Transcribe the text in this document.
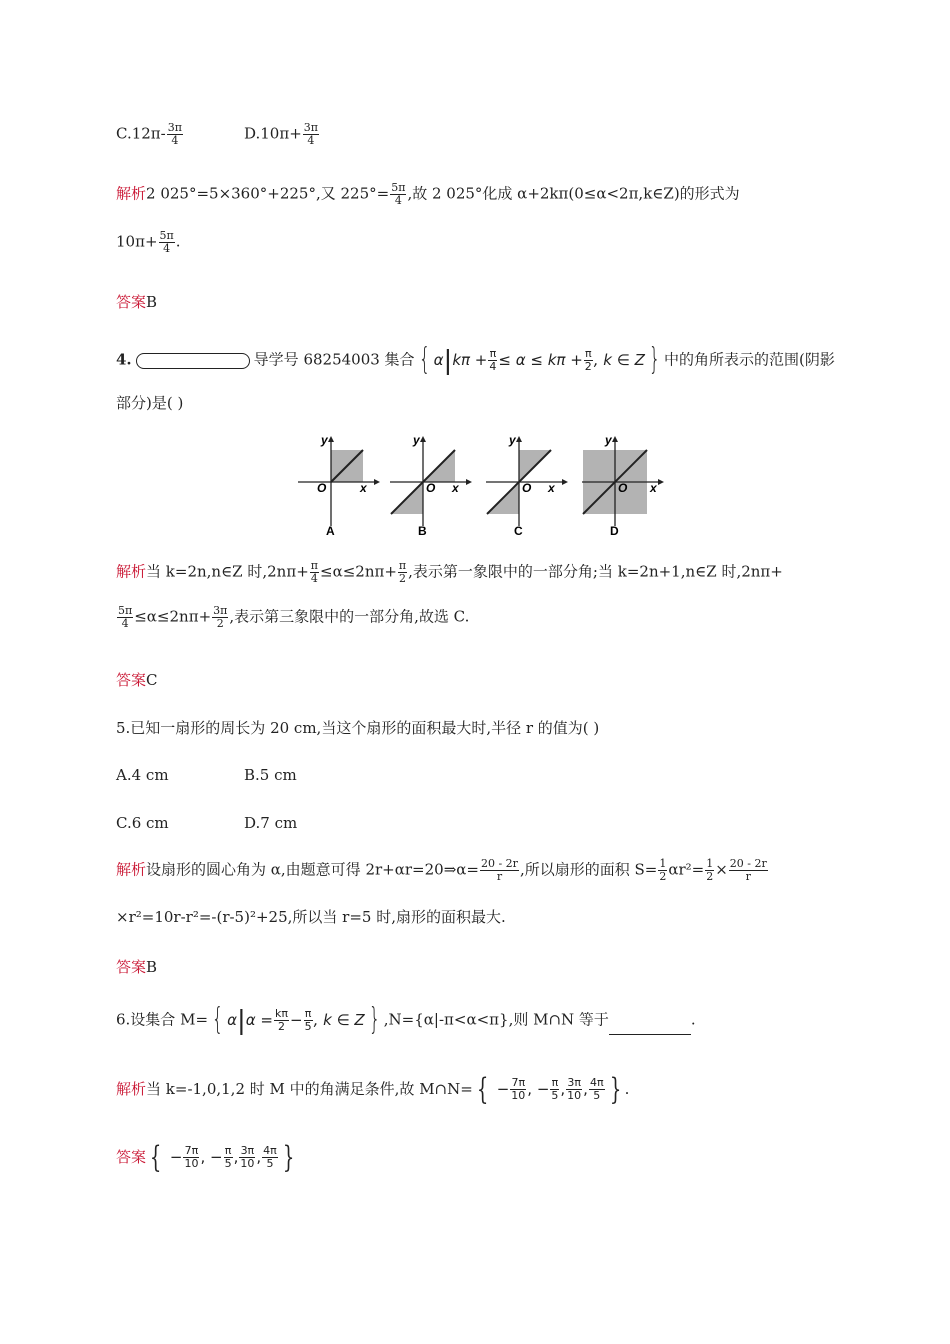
$C.12\pi- \frac{3\pi}{4}$	$D.10\pi+ \frac{3\pi}{4}$
解析2 025°=5×360°+225°,又 $225^\circ= \frac{5\pi}{4}$ ,故 2 025°化成 α+2kπ(0≤α<2π,k∈Z)的形式为
$10\pi+ \frac{5\pi}{4}$ .
答案B
4.	导学号 68254003 集合 { $\alpha|k\pi + \frac{\pi}{4} \le \alpha \le k\pi + \frac{\pi}{2}$ , k ∈ Z } 中的角所表示的范围(阴影
部分)是( )
x
y
O
A
x
y
O
B
x
y
O
C
x
y
O
D
解析当 k=2n,n∈Z 时$,2n\pi+ \frac{\pi}{4} \le\alpha\le 2n\pi+ \frac{\pi}{2}$ ,表示第一象限中的一部分角;当 k=2n+1,n∈Z 时,2nπ+
$\frac{5\pi}{4} \le\alpha\le 2n\pi+ \frac{3\pi}{2}$ ,表示第三象限中的一部分角,故选 C.
答案C
5.已知一扇形的周长为 20 cm,当这个扇形的面积最大时,半径 r 的值为( )
A.4 cm	B.5 cm
C.6 cm	D.7 cm
解析设扇形的圆心角为 α,由题意可得 2r+αr=20⇒α= $\frac{20 - 2r}{r}$ ,所以扇形的面积 $S= \frac{1}{2} \alpha r^2= \frac{1}{2} \times \frac{20 - 2r}{r}$
×r²=10r-r²=-(r-5)²+25,所以当 r=5 时,扇形的面积最大.
答案B
6.设集合 M= { $\alpha|\alpha = \frac{k\pi}{2} - \frac{\pi}{5}$ , k ∈ Z } ,N={α|-π<α<π},则 M∩N 等于	.
解析当 k=-1,0,1,2 时 M 中的角满足条件,故 M∩N= { − $\frac{7\pi}{10}$ , − $\frac{\pi}{5}$ , $\frac{3\pi}{10}$ , $\frac{4\pi}{5}$ } .
答案 { − $\frac{7\pi}{10}$ , − $\frac{\pi}{5}$ , $\frac{3\pi}{10}$ , $\frac{4\pi}{5}$ }
